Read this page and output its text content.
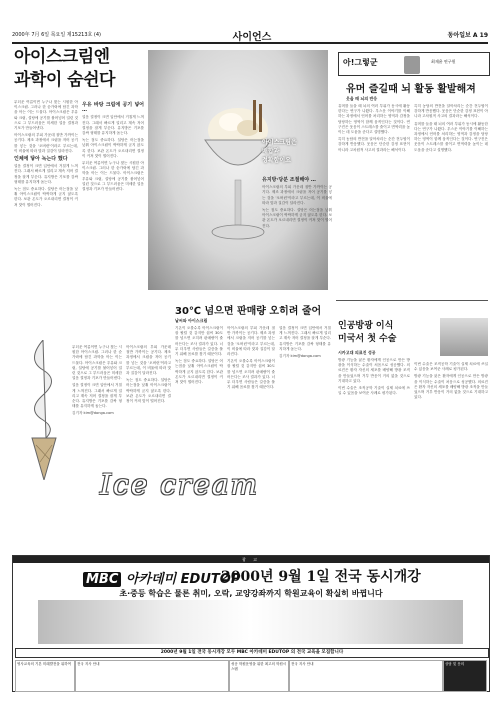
2000年 7月 6일 목요일 제15213호 (4)	사이언스	동아일보 A 19
아이스크림엔
과학이 숨쉰다

무더운 여름이면 누구나 찾는 시원한 아이스크림. 그러나 한 숟가락에 담긴 과학을 아는 이는 드물다. 아이스크림은 우유와 크림, 설탕에 공기를 불어넣어 얼린 것으로 그 부드러움은 미세한 얼음 결정과 기포가 만들어낸다.

아이스크림의 부피 가운데 절반 가까이는 공기다. 제조 과정에서 크림을 저어 공기를 넣는 것을 '오버런'이라고 부르는데, 이 비율에 따라 맛과 질감이 달라진다.

인체에 닿아 녹는다 했다

얼음 결정이 크면 입안에서 거칠게 느껴진다. 그래서 빠르게 얼리고 계속 저어 결정을 잘게 부순다. 유지방은 기포를 감싸 형태를 유지하게 돕는다.

녹는 점도 중요하다. 설탕은 어는점을 낮춰 아이스크림이 딱딱하게 굳지 않도록 한다. 보관 온도가 오르내리면 결정이 커져 맛이 떨어진다.

우유 바탕 크림에 공기 넣어 …

얼음 결정이 크면 입안에서 거칠게 느껴진다. 그래서 빠르게 얼리고 계속 저어 결정을 잘게 부순다. 유지방은 기포를 감싸 형태를 유지하게 돕는다.

녹는 점도 중요하다. 설탕은 어는점을 낮춰 아이스크림이 딱딱하게 굳지 않도록 한다. 보관 온도가 오르내리면 결정이 커져 맛이 떨어진다.

무더운 여름이면 누구나 찾는 시원한 아이스크림. 그러나 한 숟가락에 담긴 과학을 아는 이는 드물다. 아이스크림은 우유와 크림, 설탕에 공기를 불어넣어 얼린 것으로 그 부드러움은 미세한 얼음 결정과 기포가 만들어낸다.

아이스크림은
배합과
정확함이요
유지방·당분 조절해야 …

아이스크림의 부피 가운데 절반 가까이는 공기다. 제조 과정에서 크림을 저어 공기를 넣는 것을 '오버런'이라고 부르는데, 이 비율에 따라 맛과 질감이 달라진다.

녹는 점도 중요하다. 설탕은 어는점을 낮춰 아이스크림이 딱딱하게 굳지 않도록 한다. 보관 온도가 오르내리면 결정이 커져 맛이 떨어진다.

무더운 여름이면 누구나 찾는 시원한 아이스크림. 그러나 한 숟가락에 담긴 과학을 아는 이는 드물다. 아이스크림은 우유와 크림, 설탕에 공기를 불어넣어 얼린 것으로 그 부드러움은 미세한 얼음 결정과 기포가 만들어낸다.

얼음 결정이 크면 입안에서 거칠게 느껴진다. 그래서 빠르게 얼리고 계속 저어 결정을 잘게 부순다. 유지방은 기포를 감싸 형태를 유지하게 돕는다.

김기자 kim@donga.com

아이스크림의 부피 가운데 절반 가까이는 공기다. 제조 과정에서 크림을 저어 공기를 넣는 것을 '오버런'이라고 부르는데, 이 비율에 따라 맛과 질감이 달라진다.

녹는 점도 중요하다. 설탕은 어는점을 낮춰 아이스크림이 딱딱하게 굳지 않도록 한다. 보관 온도가 오르내리면 결정이 커져 맛이 떨어진다.

30℃ 넘으면 판매량 오히려 줄어
날씨와 아이스크림

기온이 오를수록 아이스크림이 잘 팔릴 것 같지만 섭씨 30도를 넘으면 오히려 판매량이 줄어든다는 조사 결과가 있다. 너무 더우면 사람들은 갈증을 풀기 위해 음료를 찾기 때문이다.

녹는 점도 중요하다. 설탕은 어는점을 낮춰 아이스크림이 딱딱하게 굳지 않도록 한다. 보관 온도가 오르내리면 결정이 커져 맛이 떨어진다.

아이스크림의 부피 가운데 절반 가까이는 공기다. 제조 과정에서 크림을 저어 공기를 넣는 것을 '오버런'이라고 부르는데, 이 비율에 따라 맛과 질감이 달라진다.

기온이 오를수록 아이스크림이 잘 팔릴 것 같지만 섭씨 30도를 넘으면 오히려 판매량이 줄어든다는 조사 결과가 있다. 너무 더우면 사람들은 갈증을 풀기 위해 음료를 찾기 때문이다.

얼음 결정이 크면 입안에서 거칠게 느껴진다. 그래서 빠르게 얼리고 계속 저어 결정을 잘게 부순다. 유지방은 기포를 감싸 형태를 유지하게 돕는다.

김기자 kim@donga.com

Ice cream
아!그렇군	최재윤 연구원
유머 즐길때 뇌 활동 활발해져
웃을 때 뇌의 반응

유머를 들을 때 뇌의 여러 부위가 동시에 활동한다는 연구가 나왔다. 우스운 이야기를 이해하는 과정에서 언어를 처리하는 영역과 감정을 담당하는 영역이 함께 움직인다는 것이다. 연구진은 웃음이 스트레스를 줄이고 면역력을 높이는 데 도움을 준다고 설명했다.

특히 농담의 반전을 알아차리는 순간 전두엽이 강하게 반응했다. 웃음은 단순한 감정 표현이 아니라 고차원적 사고의 결과라는 해석이다.

특히 농담의 반전을 알아차리는 순간 전두엽이 강하게 반응했다. 웃음은 단순한 감정 표현이 아니라 고차원적 사고의 결과라는 해석이다.

유머를 들을 때 뇌의 여러 부위가 동시에 활동한다는 연구가 나왔다. 우스운 이야기를 이해하는 과정에서 언어를 처리하는 영역과 감정을 담당하는 영역이 함께 움직인다는 것이다. 연구진은 웃음이 스트레스를 줄이고 면역력을 높이는 데 도움을 준다고 설명했다.

인공방광 이식
미국서 첫 수술
시카고대 의료진 성공

방광 기능을 잃은 환자에게 인공으로 만든 방광을 이식하는 수술이 처음으로 성공했다. 의료진은 환자 자신의 세포를 배양해 방광 조직을 만들었으며 거부 반응이 거의 없을 것으로 기대하고 있다.

이번 수술은 조직공학 기술이 실제 치료에 쓰일 수 있음을 보여준 사례로 평가된다.

이번 수술은 조직공학 기술이 실제 치료에 쓰일 수 있음을 보여준 사례로 평가된다.

방광 기능을 잃은 환자에게 인공으로 만든 방광을 이식하는 수술이 처음으로 성공했다. 의료진은 환자 자신의 세포를 배양해 방광 조직을 만들었으며 거부 반응이 거의 없을 것으로 기대하고 있다.

광 고
MBC 아카데미 EDUTOP
2000년 9월 1일 전국 동시개강
초·중등 학습은 물론 취미, 오락, 교양강좌까지 학원교육이 확실히 바뀝니다
2000년 9월 1일 전국 동시개강 모두 MBC 아카데미 EDUTOP 의 전국 교육을 모집합니다
영사교육의 기본 미래발전을 위하여	전국 지사 안내	성공 학원운영을 위한 최고의 학원시스템
전국 지사 안내	상담 및 문의
